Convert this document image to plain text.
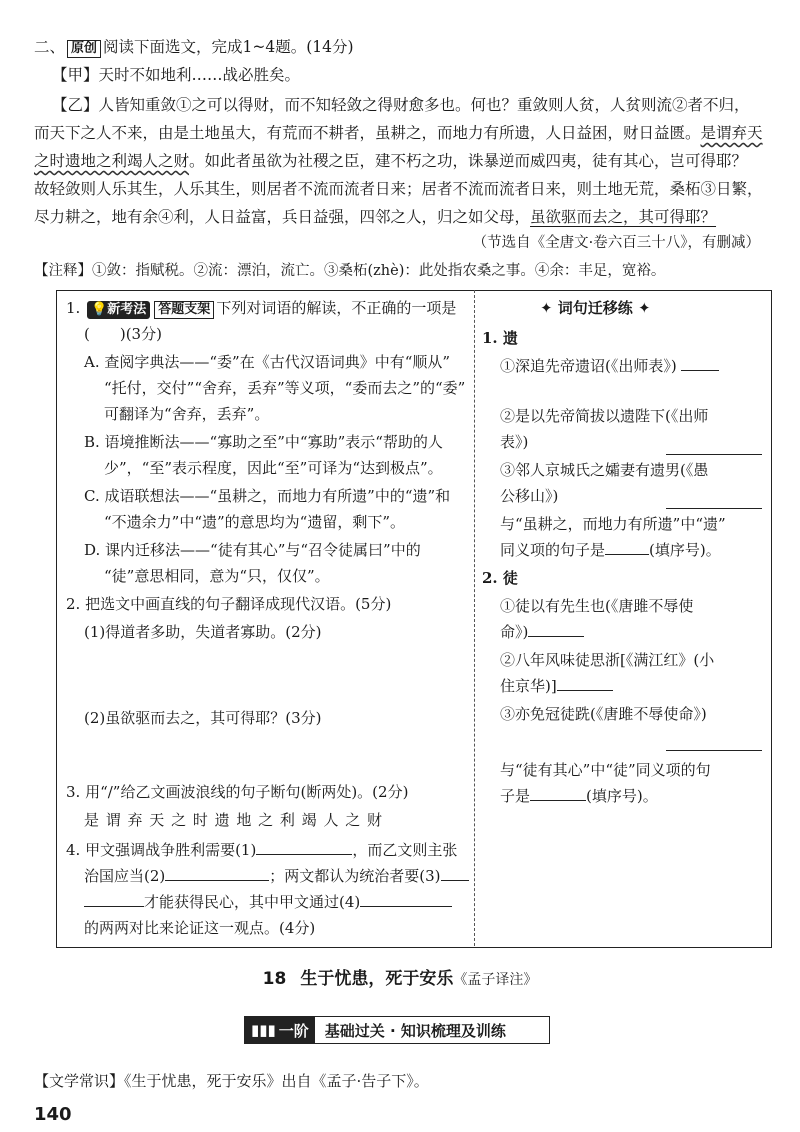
二、 原创 阅读下面选文，完成1~4题。(14分)
【甲】天时不如地利……战必胜矣。
【乙】人皆知重敛①之可以得财，而不知轻敛之得财愈多也。何也？重敛则人贫，人贫则流②者不归，
而天下之人不来，由是土地虽大，有荒而不耕者，虽耕之，而地力有所遗，人日益困，财日益匮。是谓弃天
之时遗地之利竭人之财。如此者虽欲为社稷之臣，建不朽之功，诛暴逆而威四夷，徒有其心，岂可得耶？
故轻敛则人乐其生，人乐其生，则居者不流而流者日来；居者不流而流者日来，则土地无荒，桑柘③日繁，
尽力耕之，地有余④利，人日益富，兵日益强，四邻之人，归之如父母，虽欲驱而去之，其可得耶？
（节选自《全唐文·卷六百三十八》，有删减）
【注释】①敛：指赋税。②流：漂泊，流亡。③桑柘(zhè)：此处指农桑之事。④余：丰足，宽裕。
1. 💡新考法 答题支架 下列对词语的解读，不正确的一项是
(　　)(3分)
A. 查阅字典法——“委”在《古代汉语词典》中有“顺从”
“托付，交付”“舍弃，丢弃”等义项，“委而去之”的“委”
可翻译为“舍弃，丢弃”。
B. 语境推断法——“寡助之至”中“寡助”表示“帮助的人
少”，“至”表示程度，因此“至”可译为“达到极点”。
C. 成语联想法——“虽耕之，而地力有所遗”中的“遗”和
“不遗余力”中“遗”的意思均为“遗留，剩下”。
D. 课内迁移法——“徒有其心”与“召令徒属曰”中的
“徒”意思相同，意为“只，仅仅”。
2. 把选文中画直线的句子翻译成现代汉语。(5分)
(1)得道者多助，失道者寡助。(2分)
(2)虽欲驱而去之，其可得耶？(3分)
3. 用“/”给乙文画波浪线的句子断句(断两处)。(2分)
是 谓 弃 天 之 时 遗 地 之 利 竭 人 之 财
4. 甲文强调战争胜利需要(1)	，而乙文则主张
治国应当(2)	；两文都认为统治者要(3)
才能获得民心，其中甲文通过(4)
的两两对比来论证这一观点。(4分)
✦ 词句迁移练 ✦
1. 遗
①深追先帝遗诏(《出师表》)
②是以先帝简拔以遗陛下(《出师
表》)
③邻人京城氏之孀妻有遗男(《愚
公移山》)
与“虽耕之，而地力有所遗”中“遗”
同义项的句子是	(填序号)。
2. 徒
①徒以有先生也(《唐雎不辱使
命》)
②八年风味徒思浙[《满江红》(小
住京华)]
③亦免冠徒跣(《唐雎不辱使命》)
与“徒有其心”中“徒”同义项的句
子是	(填序号)。
18 生于忧患，死于安乐《孟子译注》
▮▮▮ 一阶	基础过关 · 知识梳理及训练
【文学常识】《生于忧患，死于安乐》出自《孟子·告子下》。
140
